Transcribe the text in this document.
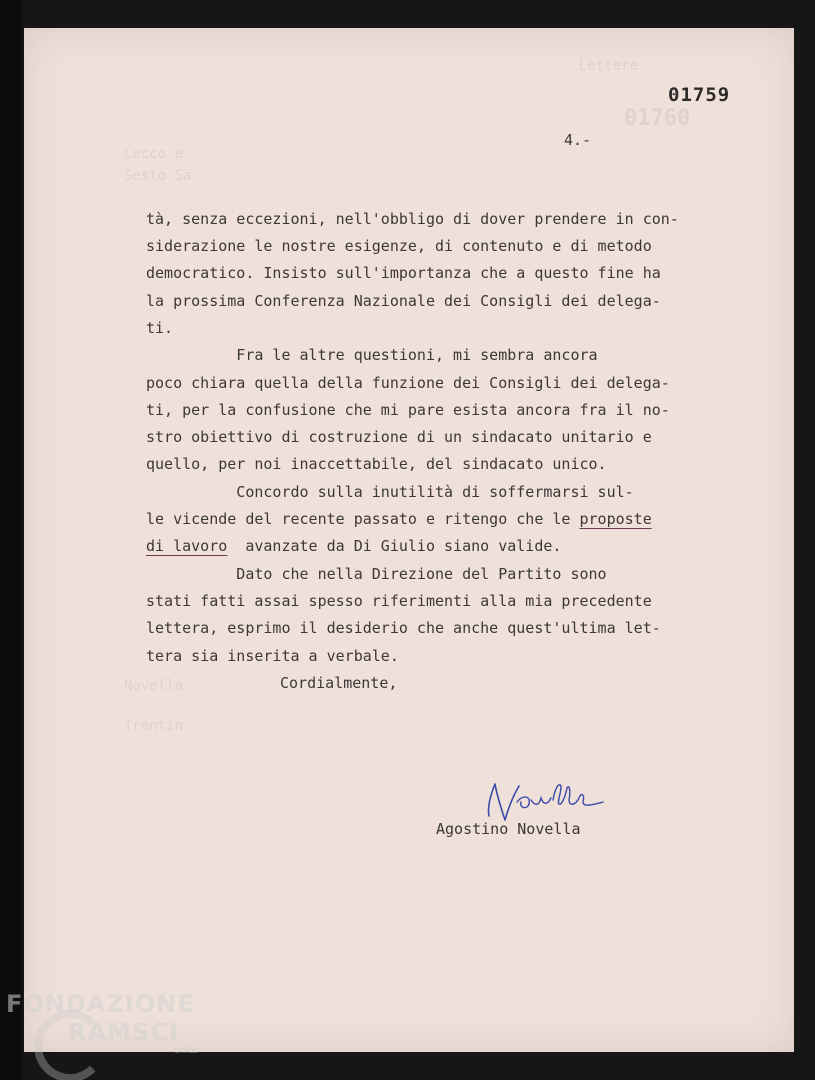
Lettere
01760
Lecco e
Sesto Sa
Novella
Trentin
01759
4.-
tà, senza eccezioni, nell'obbligo di dover prendere in con-
siderazione le nostre esigenze, di contenuto e di metodo
democratico. Insisto sull'importanza che a questo fine ha
la prossima Conferenza Nazionale dei Consigli dei delega-
ti.
Fra le altre questioni, mi sembra ancora
poco chiara quella della funzione dei Consigli dei delega-
ti, per la confusione che mi pare esista ancora fra il no-
stro obiettivo di costruzione di un sindacato unitario e
quello, per noi inaccettabile, del sindacato unico.
Concordo sulla inutilità di soffermarsi sul-
le vicende del recente passato e ritengo che le proposte
di lavoro  avanzate da Di Giulio siano valide.
Dato che nella Direzione del Partito sono
stati fatti assai spesso riferimenti alla mia precedente
lettera, esprimo il desiderio che anche quest'ultima let-
tera sia inserita a verbale.
Cordialmente,
Agostino Novella
FONDAZIONE
RAMSCI
onlus
